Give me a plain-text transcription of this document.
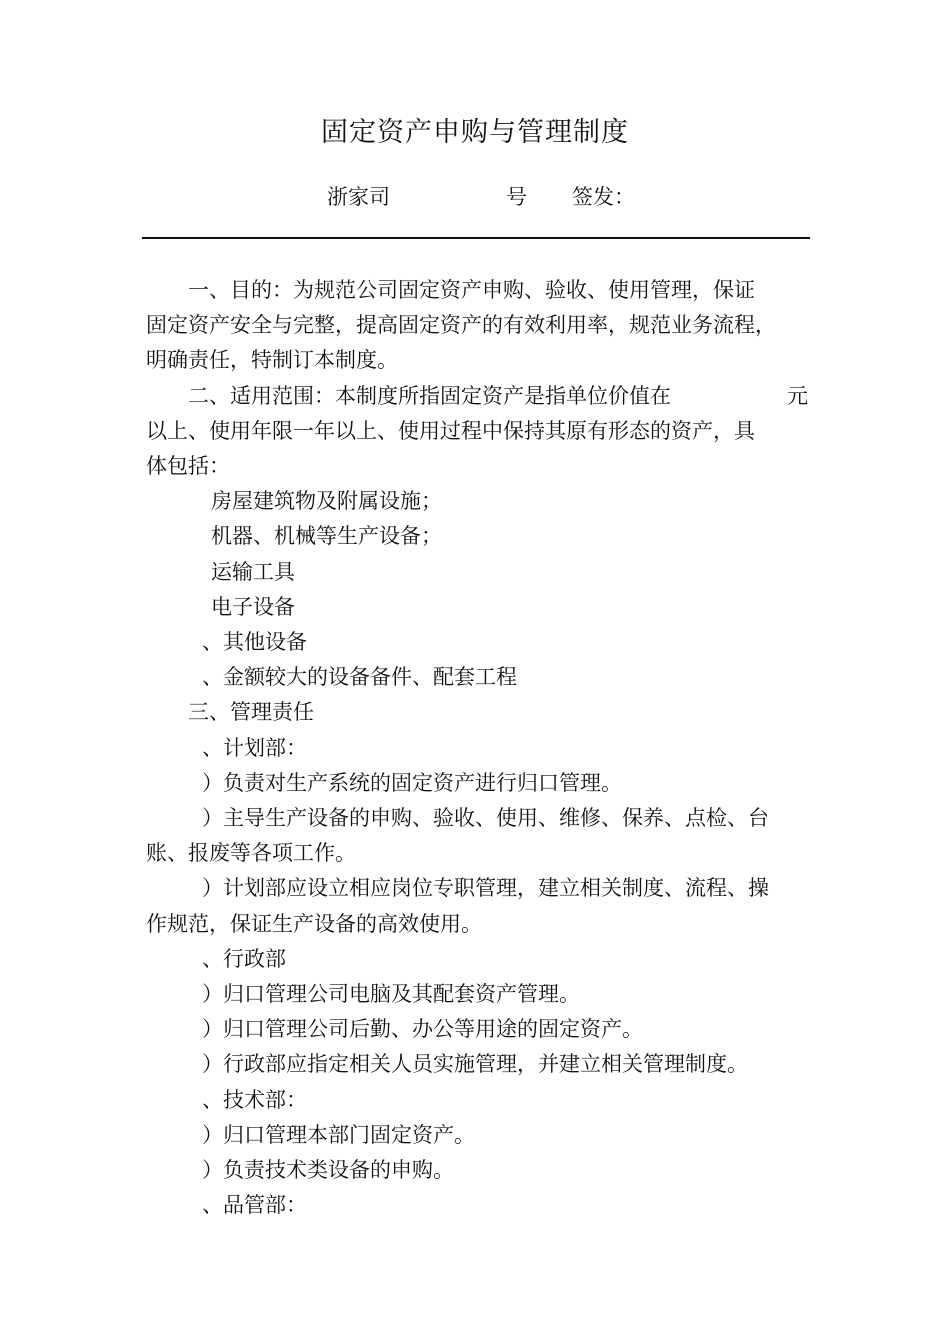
固定资产申购与管理制度
浙家司	号 签发：

一、目的：为规范公司固定资产申购、验收、使用管理，保证

固定资产安全与完整，提高固定资产的有效利用率，规范业务流程，

明确责任，特制订本制度。

二、适用范围：本制度所指固定资产是指单位价值在	元

以上、使用年限一年以上、使用过程中保持其原有形态的资产，具

体包括：

房屋建筑物及附属设施；

机器、机械等生产设备；

运输工具

电子设备

、其他设备

、金额较大的设备备件、配套工程

三、管理责任

、计划部：

）负责对生产系统的固定资产进行归口管理。

）主导生产设备的申购、验收、使用、维修、保养、点检、台

账、报废等各项工作。

）计划部应设立相应岗位专职管理，建立相关制度、流程、操

作规范，保证生产设备的高效使用。

、行政部

）归口管理公司电脑及其配套资产管理。

）归口管理公司后勤、办公等用途的固定资产。

）行政部应指定相关人员实施管理，并建立相关管理制度。

、技术部：

）归口管理本部门固定资产。

）负责技术类设备的申购。

、品管部：
